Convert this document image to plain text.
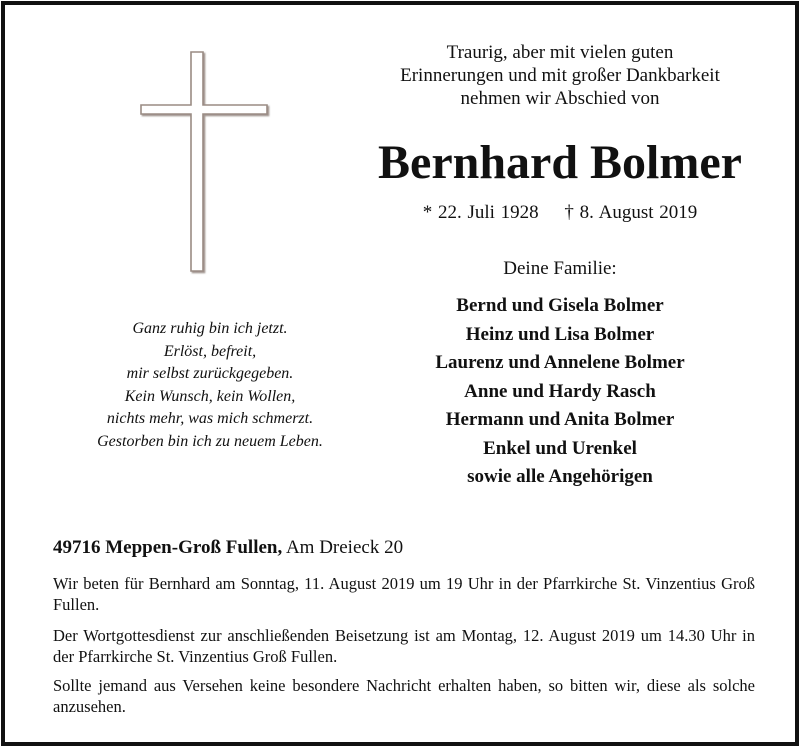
Traurig, aber mit vielen guten
Erinnerungen und mit großer Dankbarkeit
nehmen wir Abschied von
Bernhard Bolmer
* 22. Juli 1928 † 8. August 2019
Deine Familie:
Bernd und Gisela Bolmer
Heinz und Lisa Bolmer
Laurenz und Annelene Bolmer
Anne und Hardy Rasch
Hermann und Anita Bolmer
Enkel und Urenkel
sowie alle Angehörigen
Ganz ruhig bin ich jetzt.
Erlöst, befreit,
mir selbst zurückgegeben.
Kein Wunsch, kein Wollen,
nichts mehr, was mich schmerzt.
Gestorben bin ich zu neuem Leben.
49716 Meppen-Groß Fullen, Am Dreieck 20
Wir beten für Bernhard am Sonntag, 11. August 2019 um 19 Uhr in der Pfarrkirche St. Vinzentius Groß Fullen.
Der Wortgottesdienst zur anschließenden Beisetzung ist am Montag, 12. August 2019 um 14.30 Uhr in der Pfarrkirche St. Vinzentius Groß Fullen.
Sollte jemand aus Versehen keine besondere Nachricht erhalten haben, so bitten wir, diese als solche anzusehen.
